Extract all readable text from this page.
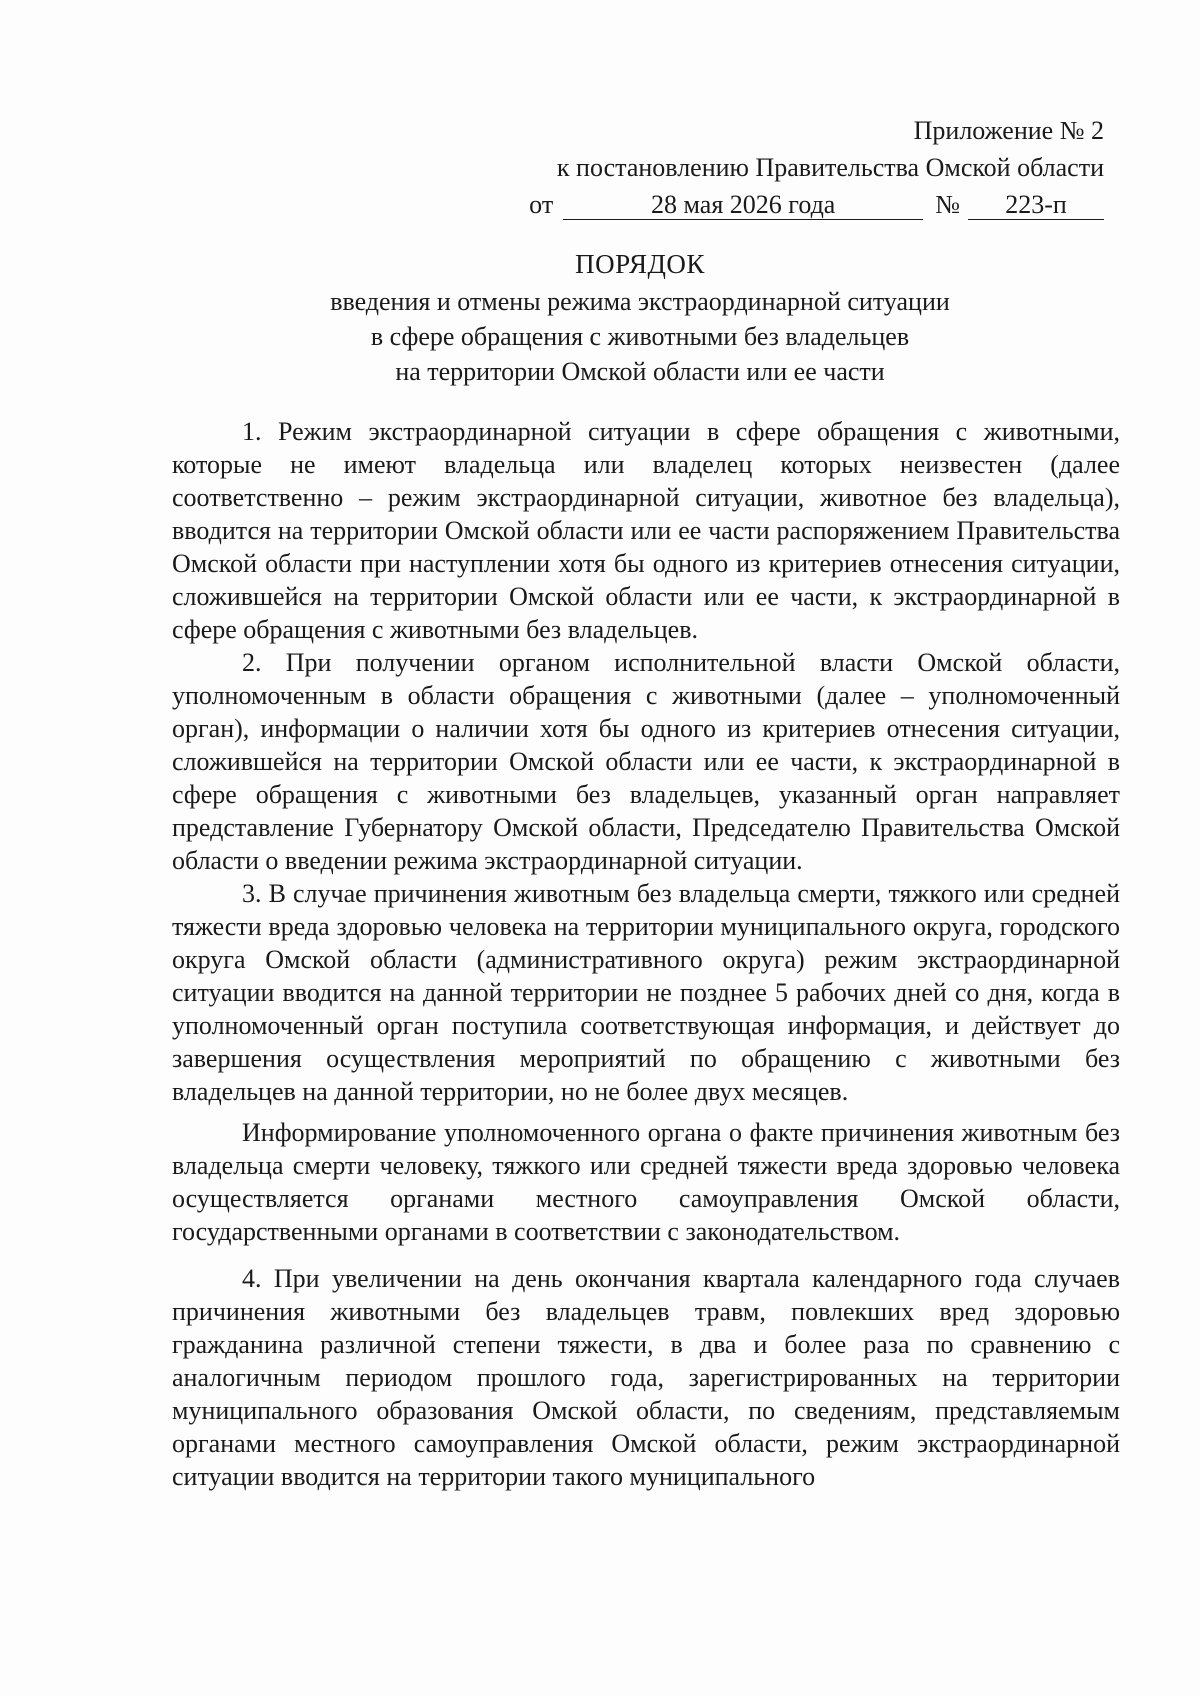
Приложение № 2
к постановлению Правительства Омской области
от	28 мая 2026 года	№	223-п
ПОРЯДОК
введения и отмены режима экстраординарной ситуации
в сфере обращения с животными без владельцев
на территории Омской области или ее части

1. Режим экстраординарной ситуации в сфере обращения с животными, которые не имеют владельца или владелец которых неизвестен (далее соответственно – режим экстраординарной ситуации, животное без владельца), вводится на территории Омской области или ее части распоряжением Правительства Омской области при наступлении хотя бы одного из критериев отнесения ситуации, сложившейся на территории Омской области или ее части, к экстраординарной в сфере обращения с животными без владельцев.

2. При получении органом исполнительной власти Омской области, уполномоченным в области обращения с животными (далее – уполномоченный орган), информации о наличии хотя бы одного из критериев отнесения ситуации, сложившейся на территории Омской области или ее части, к экстраординарной в сфере обращения с животными без владельцев, указанный орган направляет представление Губернатору Омской области, Председателю Правительства Омской области о введении режима экстраординарной ситуации.

3. В случае причинения животным без владельца смерти, тяжкого или средней тяжести вреда здоровью человека на территории муниципального округа, городского округа Омской области (административного округа) режим экстраординарной ситуации вводится на данной территории не позднее 5 рабочих дней со дня, когда в уполномоченный орган поступила соответствующая информация, и действует до завершения осуществления мероприятий по обращению с животными без владельцев на данной территории, но не более двух месяцев.

Информирование уполномоченного органа о факте причинения животным без владельца смерти человеку, тяжкого или средней тяжести вреда здоровью человека осуществляется органами местного самоуправления Омской области, государственными органами в соответствии с законодательством.

4. При увеличении на день окончания квартала календарного года случаев причинения животными без владельцев травм, повлекших вред здоровью гражданина различной степени тяжести, в два и более раза по сравнению с аналогичным периодом прошлого года, зарегистрированных на территории муниципального образования Омской области, по сведениям, представляемым органами местного самоуправления Омской области, режим экстраординарной ситуации вводится на территории такого муниципального
